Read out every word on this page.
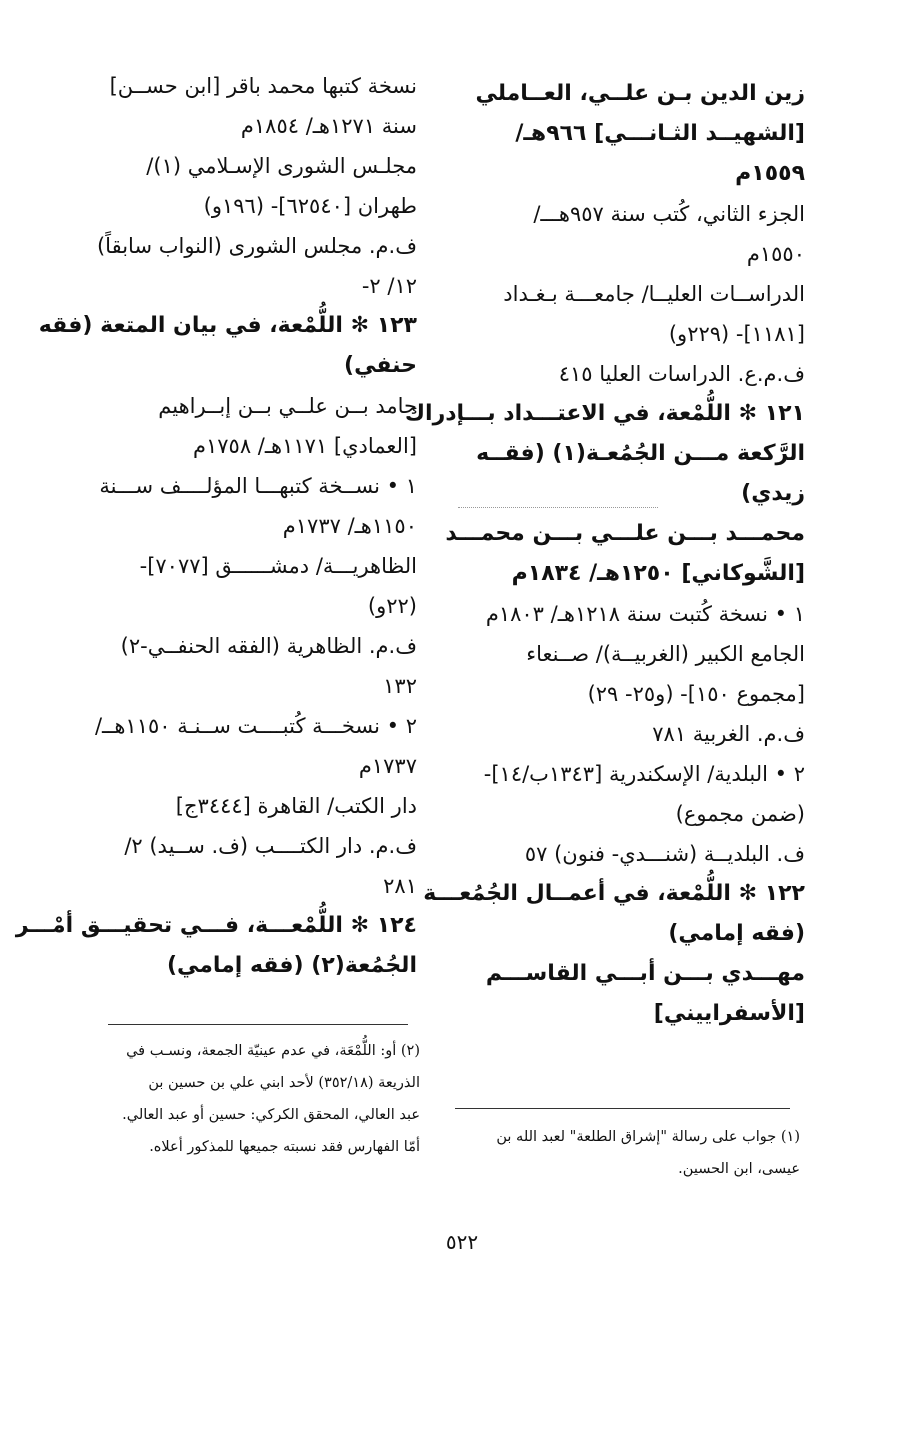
زين الدين بـن علــي، العــاملي
[الشهيــد الثـانـــي] ٩٦٦هـ/
١٥٥٩م
الجزء الثاني، كُتب سنة ٩٥٧هـــ/
١٥٥٠م
الدراســات العليــا/ جامعـــة بـغـداد
[١١٨١]- (٢٢٩و)
ف.م.ع. الدراسات العليا ٤١٥
١٢١ ✻ اللُّمْعة، في الاعتـــداد بـــإدراك
الرَّكعة مـــن الجُمُعـة(١) (فقــه
زيدي)
محمـــد بـــن علـــي بـــن محمـــد
[الشَّوكاني] ١٢٥٠هـ/ ١٨٣٤م
١ • نسخة كُتبت سنة ١٢١٨هـ/ ١٨٠٣م
الجامع الكبير (الغربيــة)/ صــنعاء
[مجموع ١٥٠]- (و٢٥- ٢٩)
ف.م. الغربية ٧٨١
٢ • البلدية/ الإسكندرية [١٣٤٣ب/١٤]-
(ضمن مجموع)
ف. البلديــة (شنـــدي- فنون) ٥٧
١٢٢ ✻ اللُّمْعة، في أعمــال الجُمُعـــة
(فقه إمامي)
مهـــدي بـــن أبـــي القاســـم
[الأسفراييني]
نسخة كتبها محمد باقر [ابن حســن]
سنة ١٢٧١هـ/ ١٨٥٤م
مجلـس الشورى الإسـلامي (١)/
طهران [٦٢٥٤٠]- (١٩٦و)
ف.م. مجلس الشورى (النواب سابقاً)
١٢/ ٢-
١٢٣ ✻ اللُّمْعة، في بيان المتعة (فقه
حنفي)
حامد بــن علــي بــن إبــراهيم
[العمادي] ١١٧١هـ/ ١٧٥٨م
١ • نســخة كتبهـــا المؤلــــف ســـنة
١١٥٠هـ/ ١٧٣٧م
الظاهريـــة/ دمشــــــق [٧٠٧٧]-
(٢٢و)
ف.م. الظاهرية (الفقه الحنفــي-٢)
١٣٢
٢ • نسخـــة كُتبــــت ســنـة ١١٥٠هــ/
١٧٣٧م
دار الكتب/ القاهرة [٣٤٤٤ج]
ف.م. دار الكتــــب (ف. ســيد) ٢/
٢٨١
١٢٤ ✻ اللُّمْعـــة، فـــي تحقيـــق أمْـــر
الجُمُعة(٢) (فقه إمامي)
(١) جواب على رسالة "إشراق الطلعة" لعبد الله بن
عيسى، ابن الحسين.
(٢) أو: اللُّمْعَة، في عدم عينيّة الجمعة، ونسـب في
الذريعة (٣٥٢/١٨) لأحد ابني علي بن حسين بن
عبد العالي، المحقق الكركي: حسين أو عبد العالي.
أمّا الفهارس فقد نسبته جميعها للمذكور أعلاه.
٥٢٢
